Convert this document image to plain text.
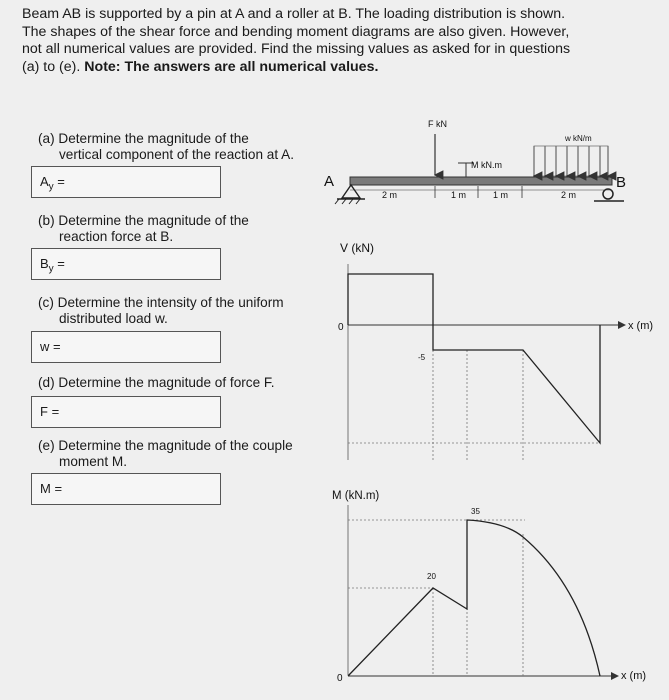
Beam AB is supported by a pin at A and a roller at B. The loading distribution is shown.
The shapes of the shear force and bending moment diagrams are also given. However,
not all numerical values are provided. Find the missing values as asked for in questions
(a) to (e). Note: The answers are all numerical values.
(a) Determine the magnitude of the
vertical component of the reaction at A.
$A_y$ =
(b) Determine the magnitude of the
reaction force at B.
$B_y$ =
(c) Determine the intensity of the uniform
distributed load w.
w =
(d) Determine the magnitude of force F.
F =
(e) Determine the magnitude of the couple
moment M.
M =
A	B
F kN
M kN.m
w kN/m
2 m	1 m	1 m	2 m
V (kN)
x (m)
0
-5
M (kN.m)
x (m)
0
20
35
